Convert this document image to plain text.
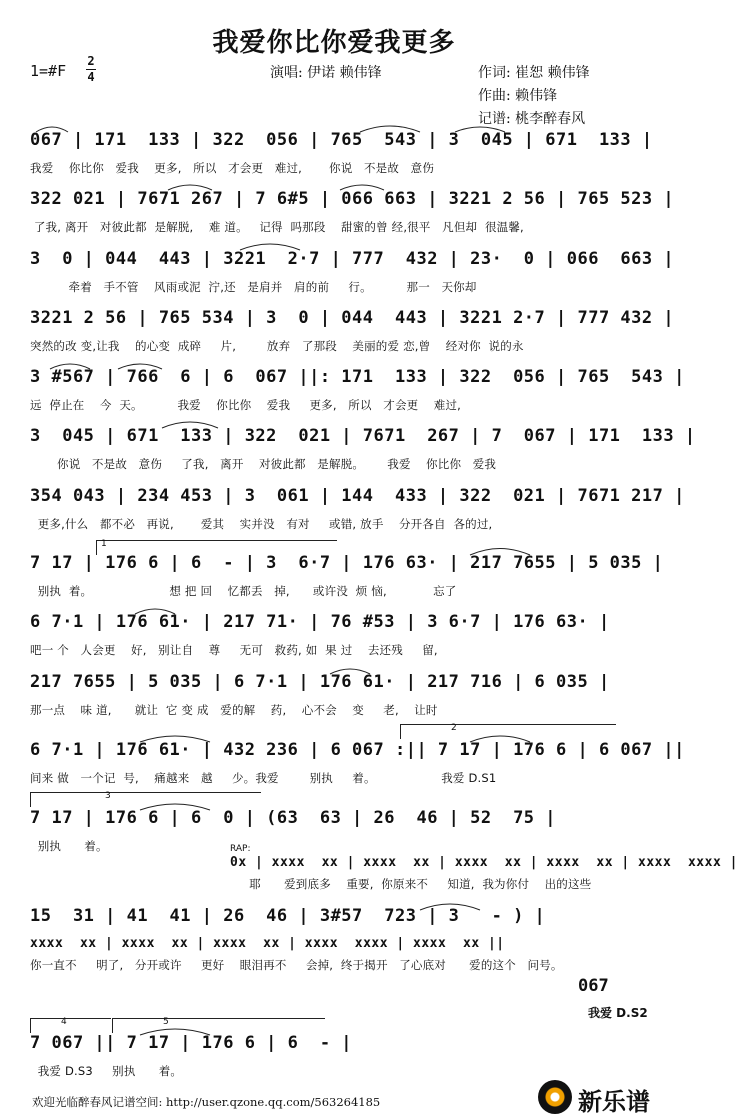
我爱你比你爱我更多
1=#F
2
4	演唱: 伊诺 赖伟锋	作词: 崔恕 赖伟锋
作曲: 赖伟锋
记谱: 桃李醉春风
067 | 171  133 | 322  056 | 765  543 | 3  045 | 671  133 |
我爱    你比你   爱我    更多,   所以   才会更   难过,       你说   不是故   意伤
322 021 | 7671 267 | 7 6#5 | 066 663 | 3221 2 56 | 765 523 |
了我, 离开   对彼此都  是解脱,    难 道。   记得  吗那段    甜蜜的曾 经,很平   凡但却  很温馨,
3  0 | 044  443 | 3221  2·7 | 777  432 | 23·  0 | 066  663 |
牵着   手不管    风雨或泥  泞,还   是肩并   肩的前     行。         那一   天你却
3221 2 56 | 765 534 | 3  0 | 044  443 | 3221 2·7 | 777 432 |
突然的改 变,让我    的心变  成碎     片,        放弃   了那段    美丽的爱 恋,曾    经对你  说的永
3 #567 | 766  6 | 6  067 ||: 171  133 | 322  056 | 765  543 |
远  停止在    今  天。         我爱    你比你    爱我     更多,   所以   才会更    难过,
3  045 | 671  133 | 322  021 | 7671  267 | 7  067 | 171  133 |
你说   不是故   意伤     了我,   离开    对彼此都   是解脱。      我爱    你比你   爱我
354 043 | 234 453 | 3  061 | 144  433 | 322  021 | 7671 217 |
更多,什么   都不必   再说,       爱其    实并没   有对     或错, 放手    分开各自  各的过,
7 17 | 176 6 | 6  - | 3  6·7 | 176 63· | 217 7655 | 5 035 |
别执  着。                    想 把 回    忆都丢   掉,      或许没  烦 恼,            忘了
6 7·1 | 176 61· | 217 71· | 76 #53 | 3 6·7 | 176 63· |
吧一 个   人会更    好,   别让自    尊     无可   救药, 如  果 过    去还残     留,
217 7655 | 5 035 | 6 7·1 | 176 61· | 217 716 | 6 035 |
那一点    味 道,      就让  它 变 成   爱的解    药,    心不会    变     老,    让时
6 7·1 | 176 61· | 432 236 | 6 067 :|| 7 17 | 176 6 | 6 067 ||
间来 做   一个记  号,    痛越来   越     少。我爱        别执     着。                 我爱 D.S1
7 17 | 176 6 | 6  0 | (63  63 | 26  46 | 52  75 |
别执      着。	RAP:
0x | xxxx  xx | xxxx  xx | xxxx  xx | xxxx  xx | xxxx  xxxx |
耶      爱到底多    重要,  你原来不     知道,  我为你付    出的这些
15  31 | 41  41 | 26  46 | 3#57  723 | 3   - ) |
xxxx  xx | xxxx  xx | xxxx  xx | xxxx  xxxx | xxxx  xx ||
你一直不     明了,   分开或许     更好    眼泪再不     会掉,  终于揭开   了心底对      爱的这个   问号。
067
我爱 D.S2
7 067 || 7 17 | 176 6 | 6  - |
我爱 D.S3     别执      着。
1
2
3
4	5
欢迎光临醉春风记谱空间: http://user.qzone.qq.com/563264185	新乐谱
